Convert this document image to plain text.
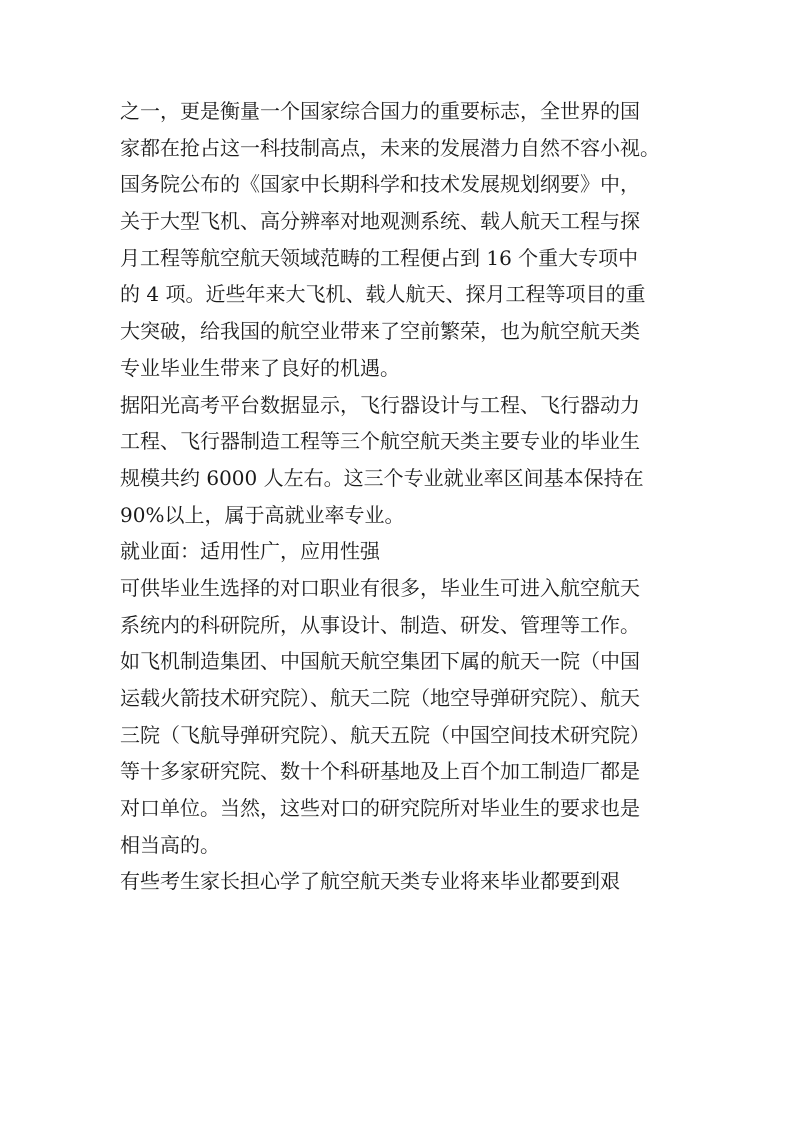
之一，更是衡量一个国家综合国力的重要标志，全世界的国
家都在抢占这一科技制高点，未来的发展潜力自然不容小视。
国务院公布的《国家中长期科学和技术发展规划纲要》中，
关于大型飞机、高分辨率对地观测系统、载人航天工程与探
月工程等航空航天领域范畴的工程便占到 16 个重大专项中
的 4 项。近些年来大飞机、载人航天、探月工程等项目的重
大突破，给我国的航空业带来了空前繁荣，也为航空航天类
专业毕业生带来了良好的机遇。
据阳光高考平台数据显示，飞行器设计与工程、飞行器动力
工程、飞行器制造工程等三个航空航天类主要专业的毕业生
规模共约 6000 人左右。这三个专业就业率区间基本保持在
90%以上，属于高就业率专业。
就业面：适用性广，应用性强
可供毕业生选择的对口职业有很多，毕业生可进入航空航天
系统内的科研院所，从事设计、制造、研发、管理等工作。
如飞机制造集团、中国航天航空集团下属的航天一院（中国
运载火箭技术研究院）、航天二院（地空导弹研究院）、航天
三院（飞航导弹研究院）、航天五院（中国空间技术研究院）
等十多家研究院、数十个科研基地及上百个加工制造厂都是
对口单位。当然，这些对口的研究院所对毕业生的要求也是
相当高的。
有些考生家长担心学了航空航天类专业将来毕业都要到艰
